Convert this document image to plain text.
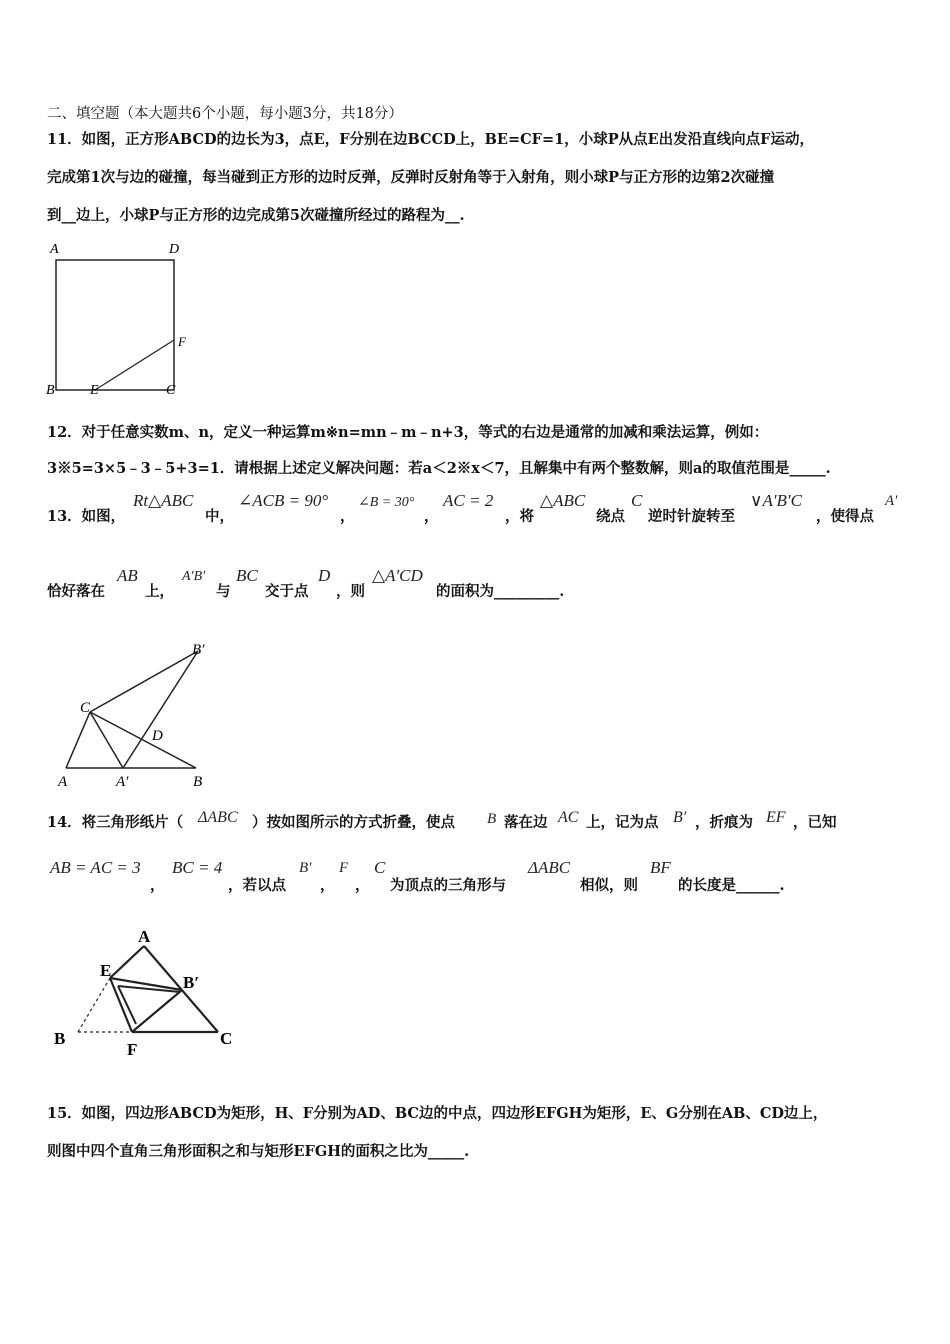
二、填空题（本大题共6个小题，每小题3分，共18分）
11．如图，正方形ABCD的边长为3，点E，F分别在边BCCD上，BE=CF=1，小球P从点E出发沿直线向点F运动，
完成第1次与边的碰撞，每当碰到正方形的边时反弹，反弹时反射角等于入射角，则小球P与正方形的边第2次碰撞
到__边上，小球P与正方形的边完成第5次碰撞所经过的路程为__.
A	D
F
B	E	C
12．对于任意实数m、n，定义一种运算m※n=mn﹣m﹣n+3，等式的右边是通常的加减和乘法运算，例如：
3※5=3×5﹣3﹣5+3=1．请根据上述定义解决问题：若a＜2※x＜7，且解集中有两个整数解，则a的取值范围是_____.
13．如图，
Rt△ABC
中，
∠ACB = 90°
，
∠B = 30°
，
AC = 2
，将
△ABC
绕点
C
逆时针旋转至
∨A′B′C
，使得点
A′
恰好落在
AB
上，
A′B′
与
BC
交于点
D
，则
△A′CD
的面积为_________.
B′
C
D
A	A′	B
14．将三角形纸片（ ΔABC ）按如图所示的方式折叠，使点 B 落在边 AC 上，记为点 B′ ，折痕为 EF ，已知
AB = AC = 3
，
BC = 4
，若以点
B′
，
F
，
C
为顶点的三角形与
ΔABC
相似，则
BF
的长度是______.
A
E
B′
B
F
C
15．如图，四边形ABCD为矩形，H、F分别为AD、BC边的中点，四边形EFGH为矩形，E、G分别在AB、CD边上，
则图中四个直角三角形面积之和与矩形EFGH的面积之比为_____.
